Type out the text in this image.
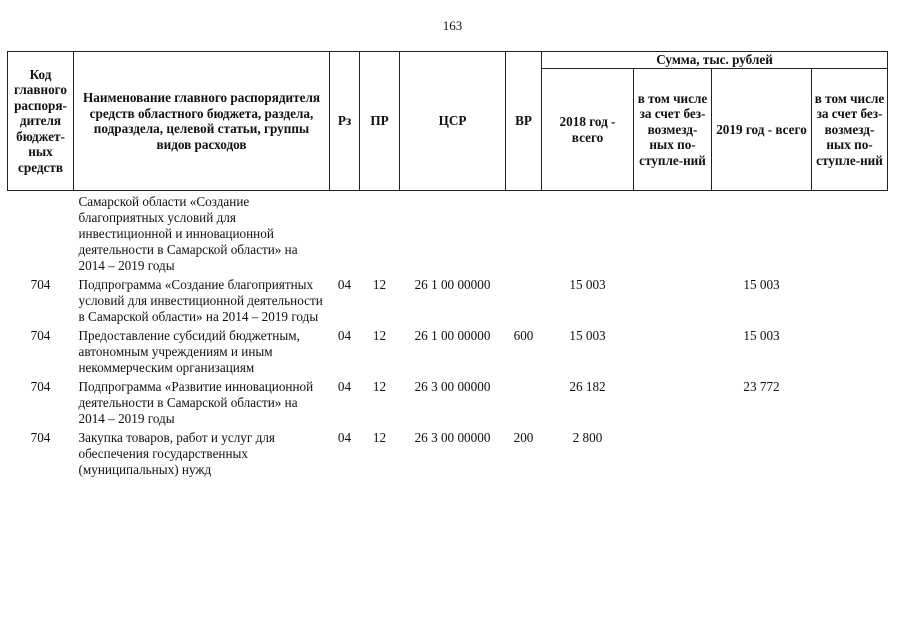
163
Код главного распоря-дителя бюджет-ных средств	Наименование главного распорядителя средств областного бюджета, раздела, подраздела, целевой статьи, группы видов расходов	Рз	ПР	ЦСР	ВР	Сумма, тыс. рублей			
						2018 год - всего	в том числе за счет без-возмезд-ных по-ступле-ний	2019 год - всего	в том числе за счет без-возмезд-ных по-ступле-ний
	Самарской области «Создание благоприятных условий для инвестиционной и инновационной деятельности в Самарской области» на 2014 – 2019 годы								
704	Подпрограмма «Создание благоприятных условий для инвестиционной деятельности в Самарской области» на 2014 – 2019 годы	04	12	26 1 00 00000		15 003		15 003	
704	Предоставление субсидий бюджетным, автономным учреждениям и иным некоммерческим организациям	04	12	26 1 00 00000	600	15 003		15 003	
704	Подпрограмма «Развитие инновационной деятельности в Самарской области» на 2014 – 2019 годы	04	12	26 3 00 00000		26 182		23 772	
704	Закупка товаров, работ и услуг для обеспечения государственных (муниципальных) нужд	04	12	26 3 00 00000	200	2 800			
